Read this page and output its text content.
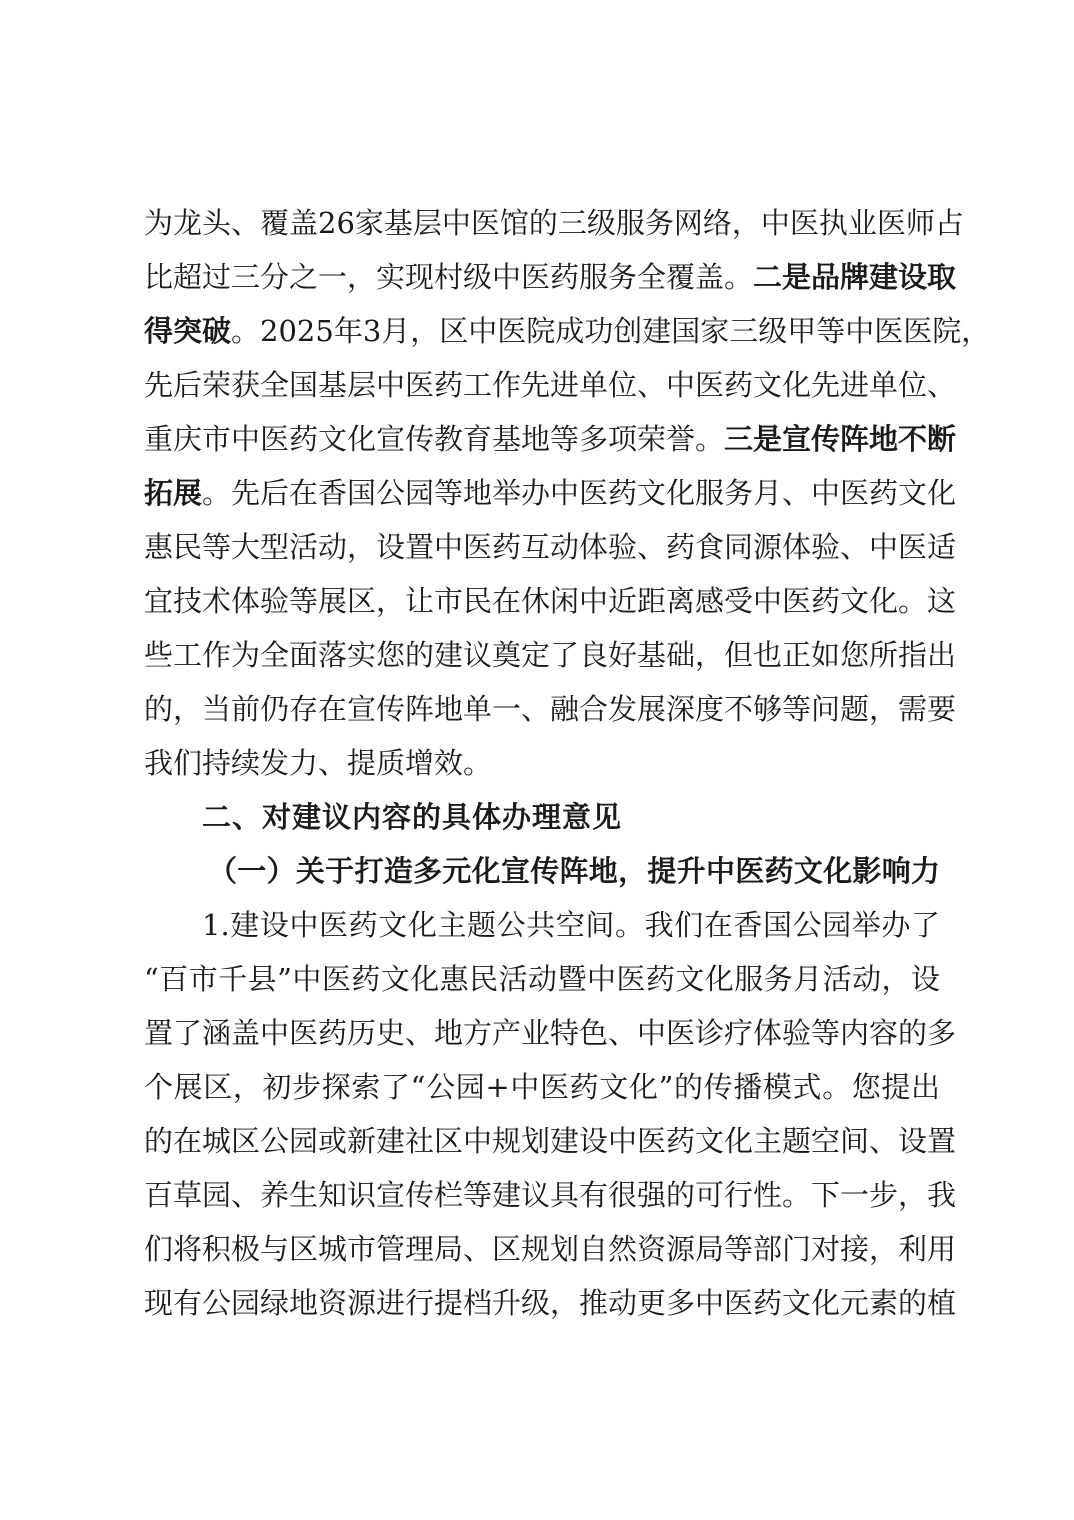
为龙头、覆盖26家基层中医馆的三级服务网络，中医执业医师占
比超过三分之一，实现村级中医药服务全覆盖。二是品牌建设取
得突破。2025年3月，区中医院成功创建国家三级甲等中医医院，
先后荣获全国基层中医药工作先进单位、中医药文化先进单位、
重庆市中医药文化宣传教育基地等多项荣誉。三是宣传阵地不断
拓展。先后在香国公园等地举办中医药文化服务月、中医药文化
惠民等大型活动，设置中医药互动体验、药食同源体验、中医适
宜技术体验等展区，让市民在休闲中近距离感受中医药文化。这
些工作为全面落实您的建议奠定了良好基础，但也正如您所指出
的，当前仍存在宣传阵地单一、融合发展深度不够等问题，需要
我们持续发力、提质增效。
二、对建议内容的具体办理意见
（一）关于打造多元化宣传阵地，提升中医药文化影响力
1.建设中医药文化主题公共空间。我们在香国公园举办了
“百市千县”中医药文化惠民活动暨中医药文化服务月活动，设
置了涵盖中医药历史、地方产业特色、中医诊疗体验等内容的多
个展区，初步探索了“公园+中医药文化”的传播模式。您提出
的在城区公园或新建社区中规划建设中医药文化主题空间、设置
百草园、养生知识宣传栏等建议具有很强的可行性。下一步，我
们将积极与区城市管理局、区规划自然资源局等部门对接，利用
现有公园绿地资源进行提档升级，推动更多中医药文化元素的植
